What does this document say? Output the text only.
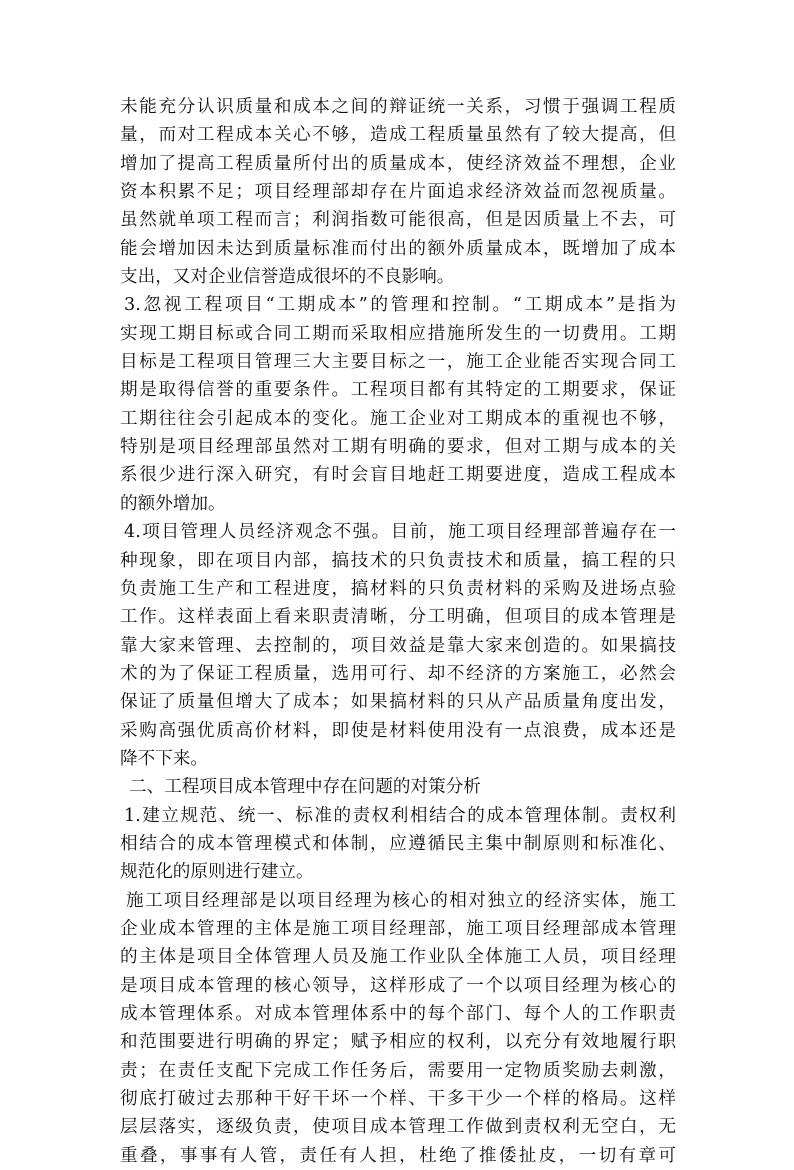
未能充分认识质量和成本之间的辩证统一关系，习惯于强调工程质
量，而对工程成本关心不够，造成工程质量虽然有了较大提高，但
增加了提高工程质量所付出的质量成本，使经济效益不理想，企业
资本积累不足；项目经理部却存在片面追求经济效益而忽视质量。
虽然就单项工程而言；利润指数可能很高，但是因质量上不去，可
能会增加因未达到质量标准而付出的额外质量成本，既增加了成本
支出，又对企业信誉造成很坏的不良影响。
3.忽视工程项目“工期成本”的管理和控制。“工期成本”是指为
实现工期目标或合同工期而采取相应措施所发生的一切费用。工期
目标是工程项目管理三大主要目标之一，施工企业能否实现合同工
期是取得信誉的重要条件。工程项目都有其特定的工期要求，保证
工期往往会引起成本的变化。施工企业对工期成本的重视也不够，
特别是项目经理部虽然对工期有明确的要求，但对工期与成本的关
系很少进行深入研究，有时会盲目地赶工期要进度，造成工程成本
的额外增加。
4.项目管理人员经济观念不强。目前，施工项目经理部普遍存在一
种现象，即在项目内部，搞技术的只负责技术和质量，搞工程的只
负责施工生产和工程进度，搞材料的只负责材料的采购及进场点验
工作。这样表面上看来职责清晰，分工明确，但项目的成本管理是
靠大家来管理、去控制的，项目效益是靠大家来创造的。如果搞技
术的为了保证工程质量，选用可行、却不经济的方案施工，必然会
保证了质量但增大了成本；如果搞材料的只从产品质量角度出发，
采购高强优质高价材料，即使是材料使用没有一点浪费，成本还是
降不下来。
二、工程项目成本管理中存在问题的对策分析
1.建立规范、统一、标准的责权利相结合的成本管理体制。责权利
相结合的成本管理模式和体制，应遵循民主集中制原则和标准化、
规范化的原则进行建立。
施工项目经理部是以项目经理为核心的相对独立的经济实体，施工
企业成本管理的主体是施工项目经理部，施工项目经理部成本管理
的主体是项目全体管理人员及施工作业队全体施工人员，项目经理
是项目成本管理的核心领导，这样形成了一个以项目经理为核心的
成本管理体系。对成本管理体系中的每个部门、每个人的工作职责
和范围要进行明确的界定；赋予相应的权利，以充分有效地履行职
责；在责任支配下完成工作任务后，需要用一定物质奖励去刺激，
彻底打破过去那种干好干坏一个样、干多干少一个样的格局。这样
层层落实，逐级负责，使项目成本管理工作做到责权利无空白，无
重叠，事事有人管，责任有人担，杜绝了推倭扯皮，一切有章可
